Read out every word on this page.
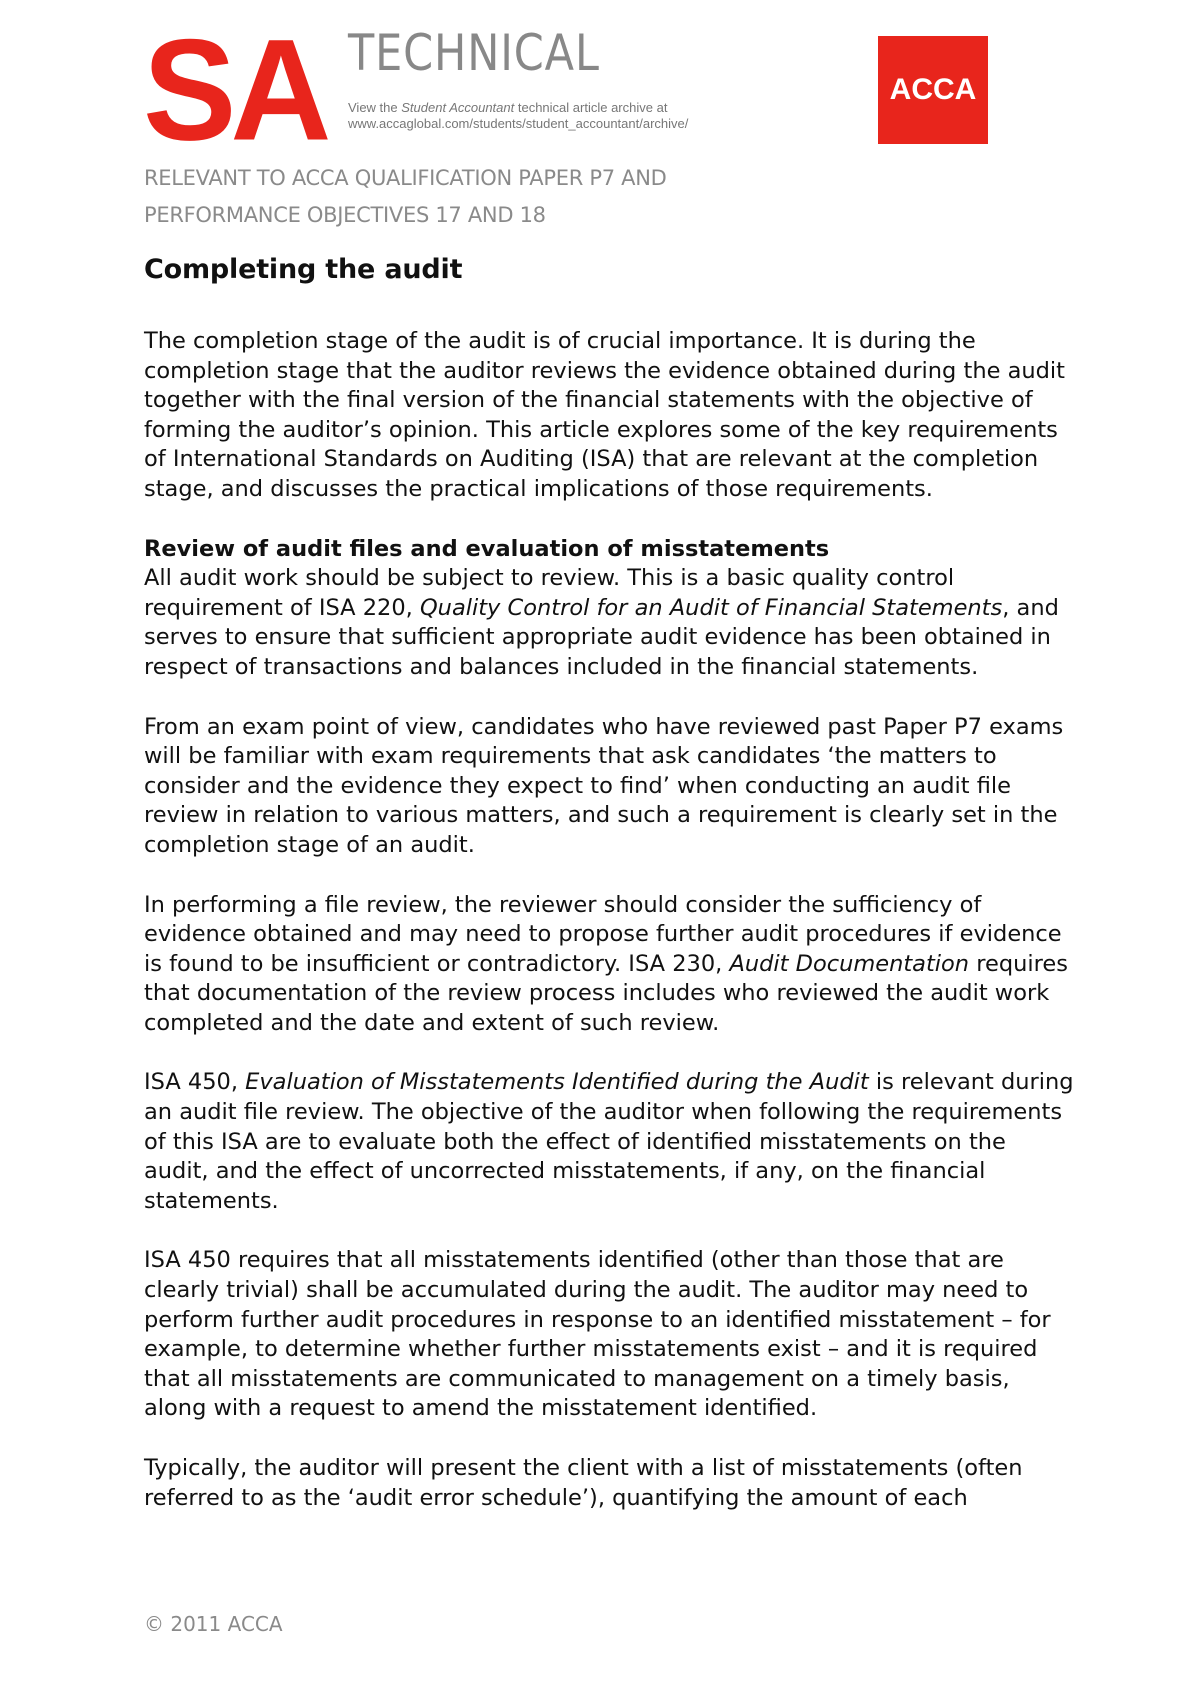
SA TECHNICAL
View the Student Accountant technical article archive at www.accaglobal.com/students/student_accountant/archive/
ACCA
RELEVANT TO ACCA QUALIFICATION PAPER P7 AND
PERFORMANCE OBJECTIVES 17 AND 18
Completing the audit

The completion stage of the audit is of crucial importance. It is during the completion stage that the auditor reviews the evidence obtained during the audit together with the final version of the financial statements with the objective of forming the auditor’s opinion. This article explores some of the key requirements of International Standards on Auditing (ISA) that are relevant at the completion stage, and discusses the practical implications of those requirements.

Review of audit files and evaluation of misstatements

All audit work should be subject to review. This is a basic quality control requirement of ISA 220, Quality Control for an Audit of Financial Statements, and serves to ensure that sufficient appropriate audit evidence has been obtained in respect of transactions and balances included in the financial statements.

From an exam point of view, candidates who have reviewed past Paper P7 exams will be familiar with exam requirements that ask candidates ‘the matters to consider and the evidence they expect to find’ when conducting an audit file review in relation to various matters, and such a requirement is clearly set in the completion stage of an audit.

In performing a file review, the reviewer should consider the sufficiency of evidence obtained and may need to propose further audit procedures if evidence is found to be insufficient or contradictory. ISA 230, Audit Documentation requires that documentation of the review process includes who reviewed the audit work completed and the date and extent of such review.

ISA 450, Evaluation of Misstatements Identified during the Audit is relevant during an audit file review. The objective of the auditor when following the requirements of this ISA are to evaluate both the effect of identified misstatements on the audit, and the effect of uncorrected misstatements, if any, on the financial statements.

ISA 450 requires that all misstatements identified (other than those that are clearly trivial) shall be accumulated during the audit. The auditor may need to perform further audit procedures in response to an identified misstatement – for example, to determine whether further misstatements exist – and it is required that all misstatements are communicated to management on a timely basis, along with a request to amend the misstatement identified.

Typically, the auditor will present the client with a list of misstatements (often referred to as the ‘audit error schedule’), quantifying the amount of each

© 2011 ACCA
